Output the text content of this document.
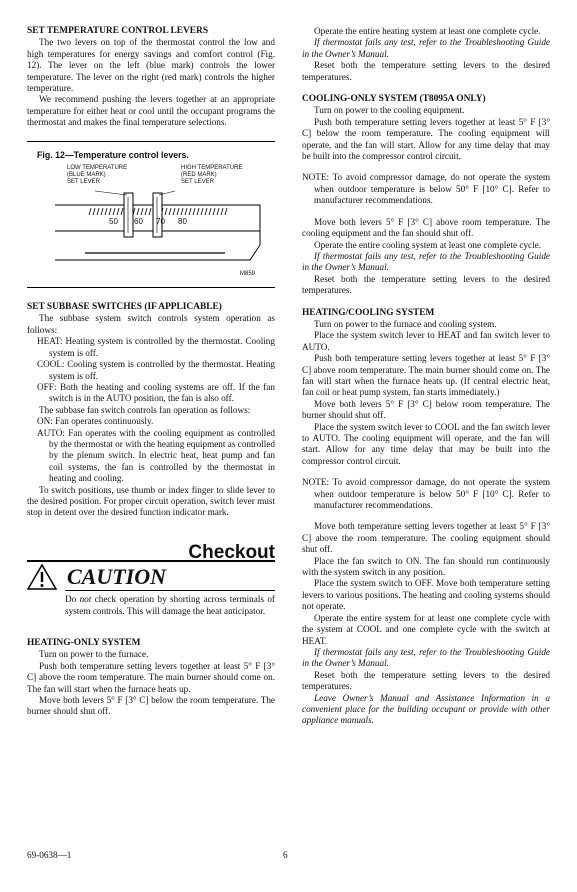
SET TEMPERATURE CONTROL LEVERS

The two levers on top of the thermostat control the low and high temperatures for energy savings and comfort control (Fig. 12). The lever on the left (blue mark) controls the lower temperature. The lever on the right (red mark) controls the higher temperature.

We recommend pushing the levers together at an appropriate temperature for either heat or cool until the occupant programs the thermostat and makes the final temperature selections.

Fig. 12—Temperature control levers.
LOW TEMPERATURE
(BLUE MARK)
SET LEVER
HIGH TEMPERATURE
(RED MARK)
SET LEVER
50 60 70 80
M859
SET SUBBASE SWITCHES (IF APPLICABLE)

The subbase system switch controls system operation as follows:

HEAT: Heating system is controlled by the thermostat. Cooling system is off.

COOL: Cooling system is controlled by the thermostat. Heating system is off.

OFF: Both the heating and cooling systems are off. If the fan switch is in the AUTO position, the fan is also off.

The subbase fan switch controls fan operation as follows:

ON: Fan operates continuously.

AUTO: Fan operates with the cooling equipment as controlled by the thermostat or with the heating equipment as controlled by the plenum switch. In electric heat, heat pump and fan coil systems, the fan is controlled by the thermostat in heating and cooling.

To switch positions, use thumb or index finger to slide lever to the desired position. For proper circuit operation, switch lever must stop in detent over the desired function indicator mark.

Checkout
CAUTION

Do not check operation by shorting across terminals of system controls. This will damage the heat anticipator.

HEATING-ONLY SYSTEM

Turn on power to the furnace.

Push both temperature setting levers together at least 5° F [3° C] above the room temperature. The main burner should come on. The fan will start when the furnace heats up.

Move both levers 5° F [3° C] below the room temperature. The burner should shut off.

Operate the entire heating system at least one complete cycle.

If thermostat fails any test, refer to the Troubleshooting Guide in the Owner’s Manual.

Reset both the temperature setting levers to the desired temperatures.

COOLING-ONLY SYSTEM (T8095A ONLY)

Turn on power to the cooling equipment.

Push both temperature setting levers together at least 5° F [3° C] below the room temperature. The cooling equipment will operate, and the fan will start. Allow for any time delay that may be built into the compressor control circuit.

NOTE: To avoid compressor damage, do not operate the system when outdoor temperature is below 50° F [10° C]. Refer to manufacturer recommendations.

Move both levers 5° F [3° C] above room temperature. The cooling equipment and the fan should shut off.

Operate the entire cooling system at least one complete cycle.

If thermostat fails any test, refer to the Troubleshooting Guide in the Owner’s Manual.

Reset both the temperature setting levers to the desired temperatures.

HEATING/COOLING SYSTEM

Turn on power to the furnace and cooling system.

Place the system switch lever to HEAT and fan switch lever to AUTO.

Push both temperature setting levers together at least 5° F [3° C] above room temperature. The main burner should come on. The fan will start when the furnace heats up. (If central electric heat, fan coil or heat pump system, fan starts immediately.)

Move both levers 5° F [3° C] below room temperature. The burner should shut off.

Place the system switch lever to COOL and the fan switch lever to AUTO. The cooling equipment will operate, and the fan will start. Allow for any time delay that may be built into the compressor control circuit.

NOTE: To avoid compressor damage, do not operate the system when outdoor temperature is below 50° F [10° C]. Refer to manufacturer recommendations.

Move both temperature setting levers together at least 5° F [3° C] above the room temperature. The cooling equipment should shut off.

Place the fan switch to ON. The fan should run continuously with the system switch in any position.

Place the system switch to OFF. Move both temperature setting levers to various positions. The heating and cooling systems should not operate.

Operate the entire system for at least one complete cycle with the system at COOL and one complete cycle with the switch at HEAT.

If thermostat fails any test, refer to the Troubleshooting Guide in the Owner’s Manual.

Reset both the temperature setting levers to the desired temperatures.

Leave Owner’s Manual and Assistance Information in a convenient place for the building occupant or provide with other appliance manuals.

69-0638—1	6
